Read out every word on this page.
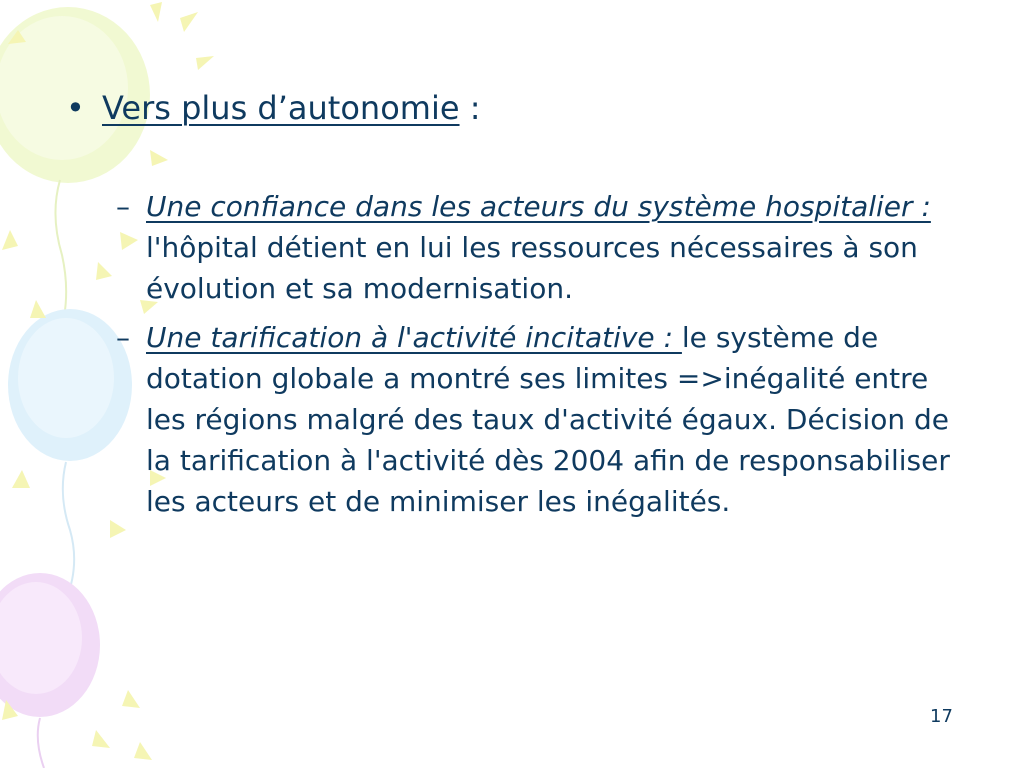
• Vers plus d’autonomie :
– Une confiance dans les acteurs du système hospitalier : l'hôpital détient en lui les ressources nécessaires à son évolution et sa modernisation.
– Une tarification à l'activité incitative : le système de dotation globale a montré ses limites =>inégalité entre les régions malgré des taux d'activité égaux. Décision de la tarification à l'activité dès 2004 afin de responsabiliser les acteurs et de minimiser les inégalités.
17
